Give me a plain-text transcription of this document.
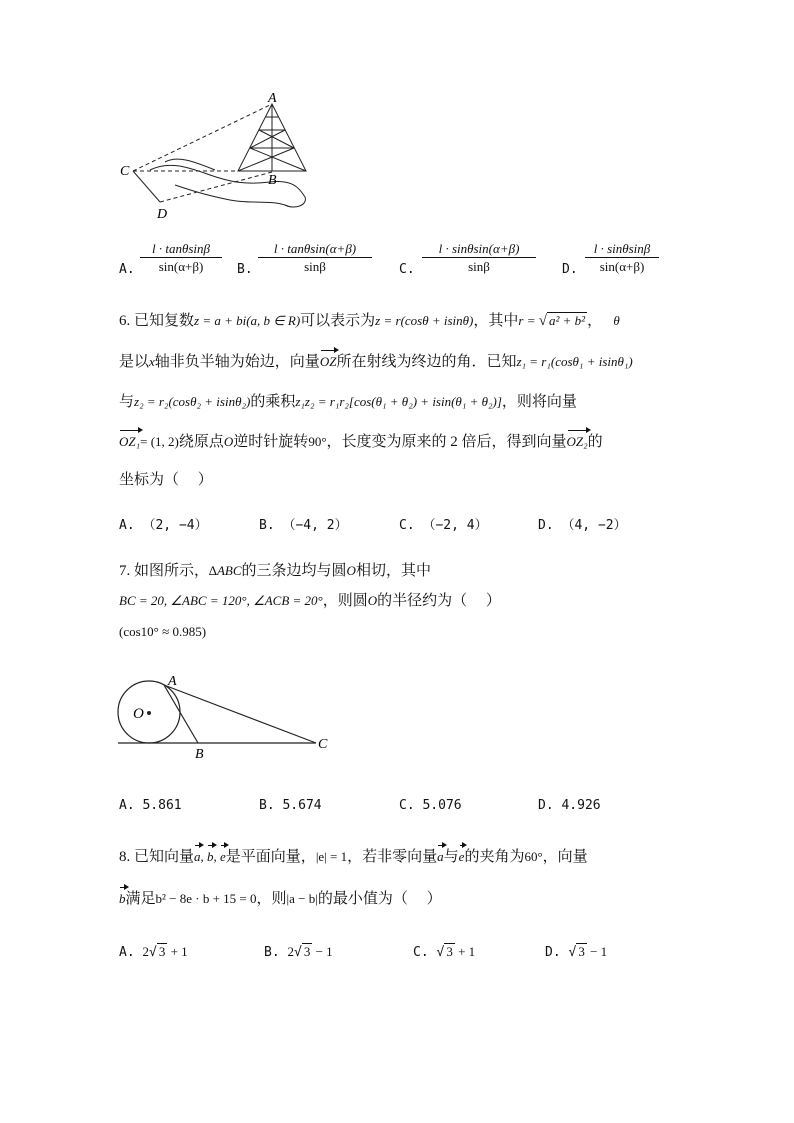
A
B
C
D
A. $\frac{l \cdot \tan\theta\sin\beta}{\sin(\alpha+\beta)} B$. $\frac{l \cdot \tan\theta\sin(\alpha+\beta)}{\sin\beta} C$. $\frac{l \cdot \sin\theta\sin(\alpha+\beta)}{\sin\beta} D$. $\frac{l \cdot \sin\theta\sin\beta}{\sin(\alpha+\beta)}$
6. 已知复数z = a + bi(a, b ∈ R)可以表示为z = r(cosθ + isinθ)，其中r = √ a² + b² ， θ
是以x轴非负半轴为始边，向量OZ所在射线为终边的角．已知z₁ = r₁(cosθ₁ + isinθ₁)
与z₂ = r₂(cosθ₂ + isinθ₂)的乘积z₁z₂ = r₁r₂[cos(θ₁ + θ₂) + isin(θ₁ + θ₂)]，则将向量
OZ₁= (1, 2)绕原点O逆时针旋转90°，长度变为原来的 2 倍后，得到向量OZ₂的
坐标为（　 ）
A. （2, −4）	B. （−4, 2）	C. （−2, 4）	D. （4, −2）
7. 如图所示，∆ABC的三条边均与圆O相切，其中
BC = 20, ∠ABC = 120°, ∠ACB = 20°，则圆O的半径约为（　 ）
(cos10° ≈ 0.985)
O
A
B
C
A. 5.861	B. 5.674	C. 5.076	D. 4.926
8. 已知向量a, b, e是平面向量，|e| = 1，若非零向量a与e的夹角为60°，向量
b满足b² − 8e · b + 15 = 0，则|a − b|的最小值为（　 ）
A. 2√ 3 + 1	B. 2√ 3 − 1	C. √ 3 + 1	D. √ 3 − 1
